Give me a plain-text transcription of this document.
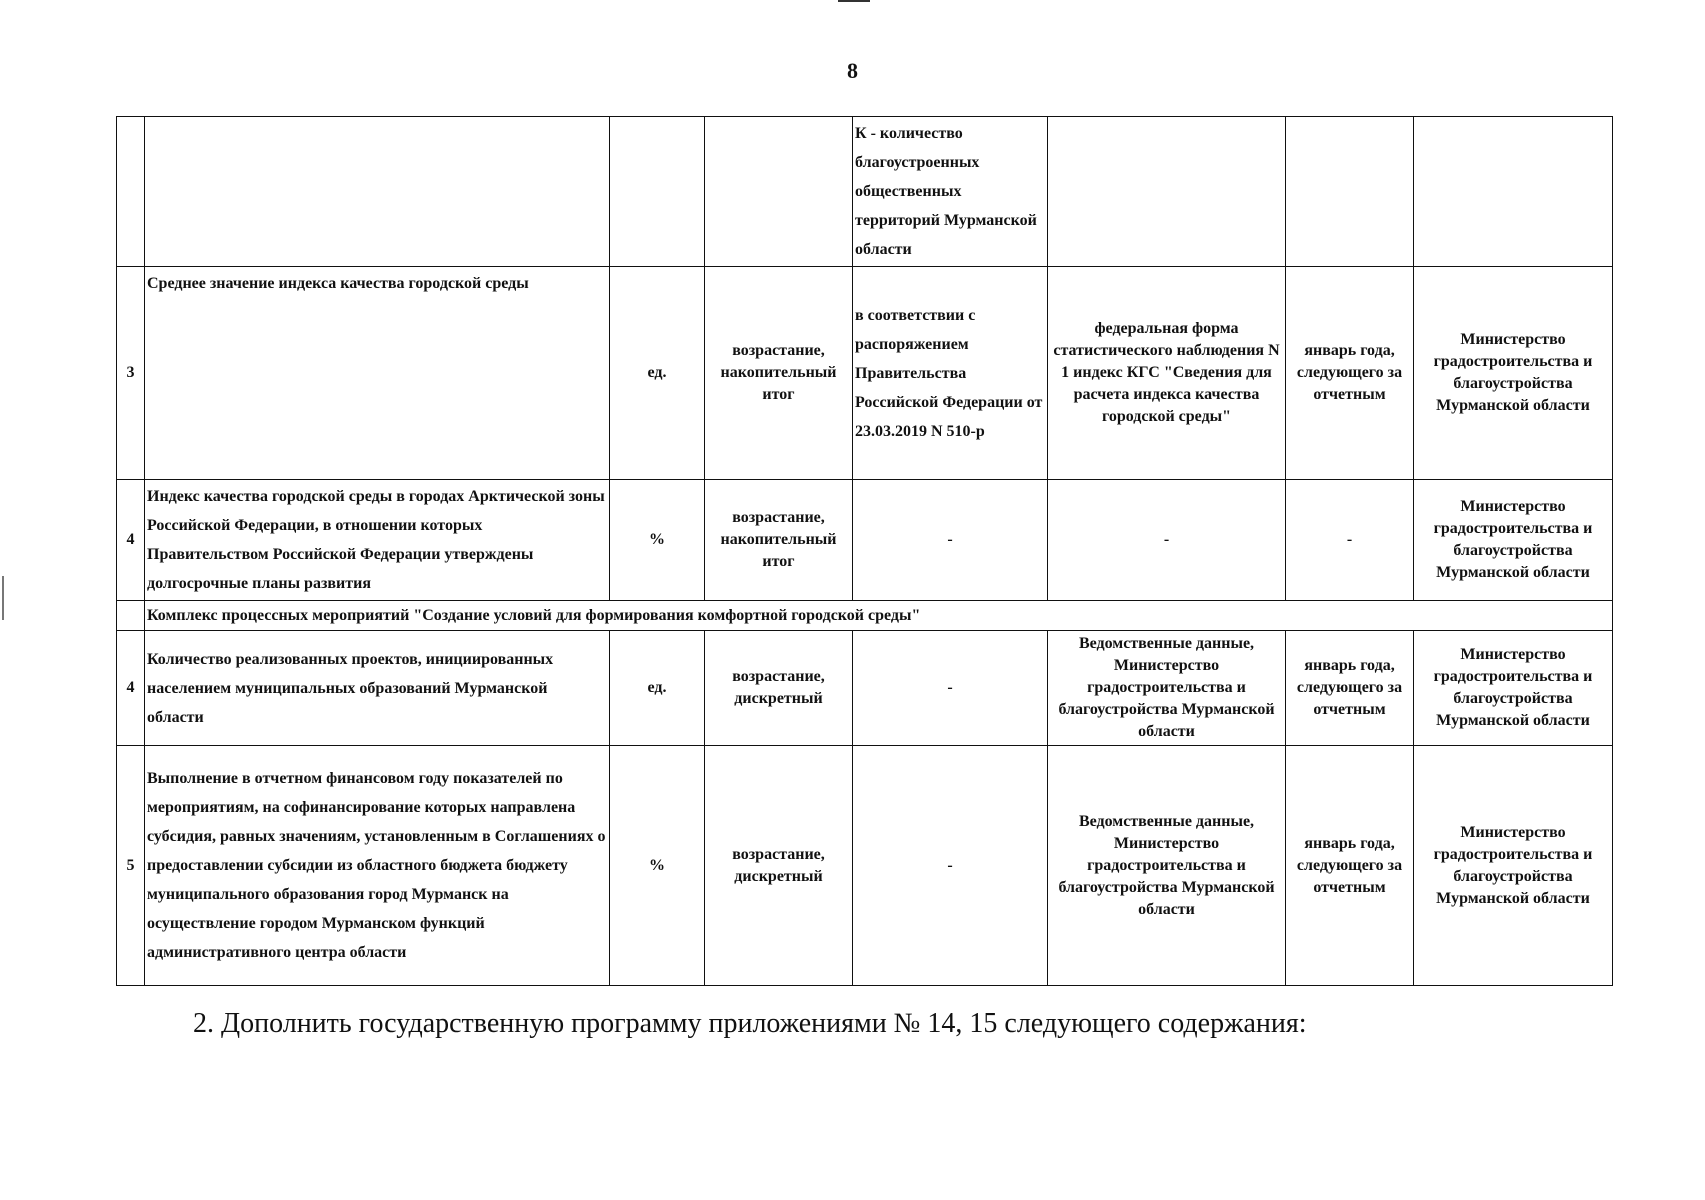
8
				К - количество благоустроенных общественных территорий Мурманской области			
3	Среднее значение индекса качества городской среды	ед.	возрастание, накопительный итог	в соответствии с распоряжением Правительства Российской Федерации от 23.03.2019 N 510-р	федеральная форма статистического наблюдения N 1 индекс КГС "Сведения для расчета индекса качества городской среды"	январь года, следующего за отчетным	Министерство градостроительства и благоустройства Мурманской области
4	Индекс качества городской среды в городах Арктической зоны Российской Федерации, в отношении которых Правительством Российской Федерации утверждены долгосрочные планы развития	%	возрастание, накопительный итог	-	-	-	Министерство градостроительства и благоустройства Мурманской области
	Комплекс процессных мероприятий "Создание условий для формирования комфортной городской среды"						
4	Количество реализованных проектов, инициированных населением муниципальных образований Мурманской области	ед.	возрастание, дискретный	-	Ведомственные данные, Министерство градостроительства и благоустройства Мурманской области	январь года, следующего за отчетным	Министерство градостроительства и благоустройства Мурманской области
5	Выполнение в отчетном финансовом году показателей по мероприятиям, на софинансирование которых направлена субсидия, равных значениям, установленным в Соглашениях о предоставлении субсидии из областного бюджета бюджету муниципального образования город Мурманск на осуществление городом Мурманском функций административного центра области	%	возрастание, дискретный	-	Ведомственные данные, Министерство градостроительства и благоустройства Мурманской области	январь года, следующего за отчетным	Министерство градостроительства и благоустройства Мурманской области
2. Дополнить государственную программу приложениями № 14, 15 следующего содержания:
